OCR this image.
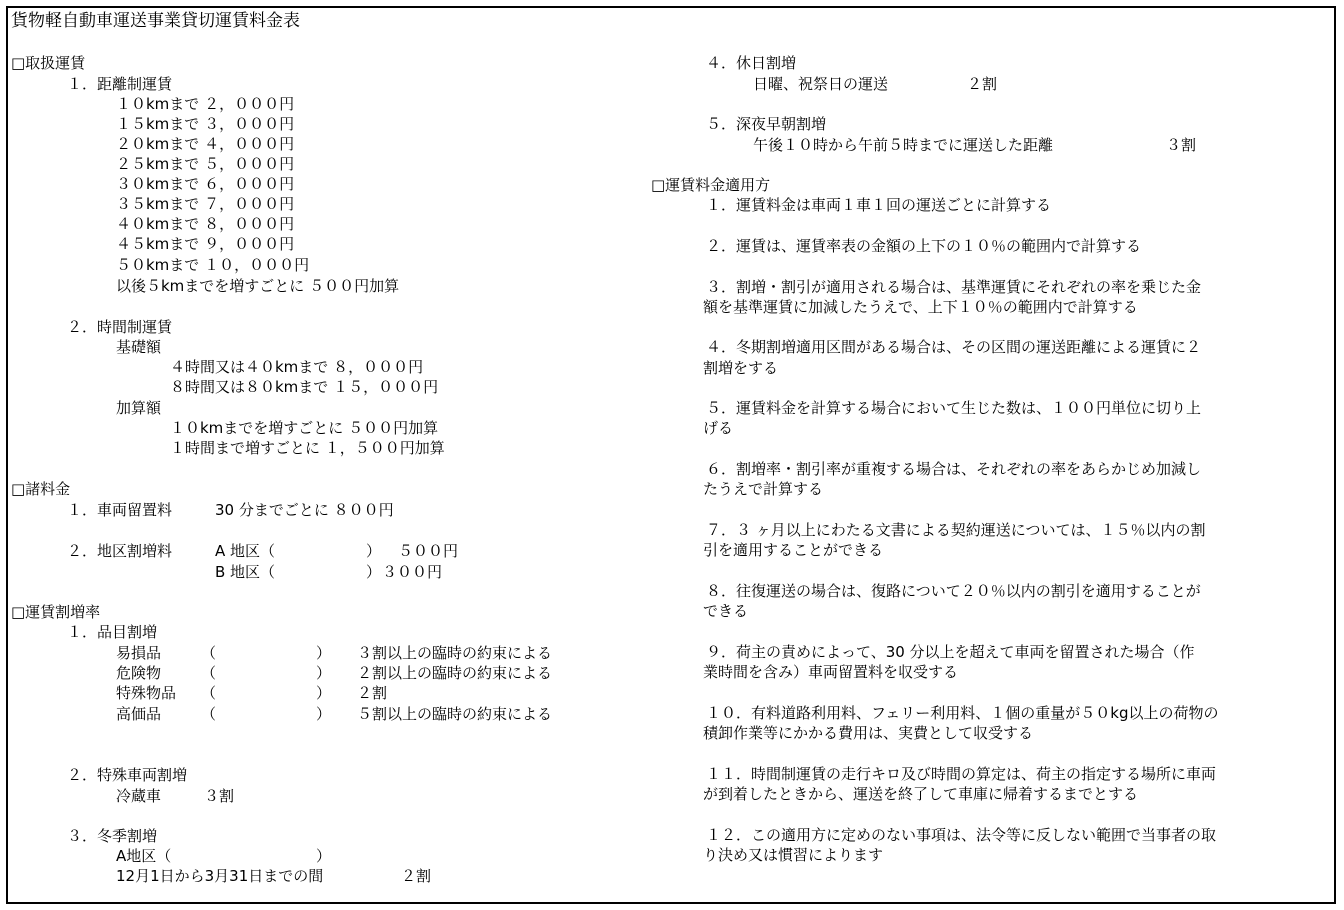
貨物軽自動車運送事業貸切運賃料金表
□取扱運賃
１．距離制運賃
１０kmまで ２，０００円
１５kmまで ３，０００円
２０kmまで ４，０００円
２５kmまで ５，０００円
３０kmまで ６，０００円
３５kmまで ７，０００円
４０kmまで ８，０００円
４５kmまで ９，０００円
５０kmまで １０，０００円
以後５kmまでを増すごとに ５００円加算
２．時間制運賃
基礎額
４時間又は４０kmまで ８，０００円
８時間又は８０kmまで １５，０００円
加算額
１０kmまでを増すごとに ５００円加算
１時間まで増すごとに １，５００円加算
□諸料金
１．車両留置料	30 分までごとに ８００円
２．地区割増料	A 地区（	） ５００円
B 地区（	） ３００円
□運賃割増率
１．品目割増
易損品	（	） ３割以上の臨時の約束による
危険物	（	） ２割以上の臨時の約束による
特殊物品 （	） ２割
高価品	（	） ５割以上の臨時の約束による
２．特殊車両割増
冷蔵車	３割
３．冬季割増
A地区（	）
12月1日から3月31日までの間	２割
４．休日割増
日曜、祝祭日の運送	２割
５．深夜早朝割増
午後１０時から午前５時までに運送した距離	３割
□運賃料金適用方
１．運賃料金は車両１車１回の運送ごとに計算する
２．運賃は、運賃率表の金額の上下の１０％の範囲内で計算する
３．割増・割引が適用される場合は、基準運賃にそれぞれの率を乗じた金
額を基準運賃に加減したうえで、上下１０％の範囲内で計算する
４．冬期割増適用区間がある場合は、その区間の運送距離による運賃に２
割増をする
５．運賃料金を計算する場合において生じた数は、１００円単位に切り上
げる
６．割増率・割引率が重複する場合は、それぞれの率をあらかじめ加減し
たうえで計算する
７．３ ヶ月以上にわたる文書による契約運送については、１５％以内の割
引を適用することができる
８．往復運送の場合は、復路について２０％以内の割引を適用することが
できる
９．荷主の責めによって、30 分以上を超えて車両を留置された場合（作
業時間を含み）車両留置料を収受する
１０．有料道路利用料、フェリー利用料、１個の重量が５０kg以上の荷物の
積卸作業等にかかる費用は、実費として収受する
１１．時間制運賃の走行キロ及び時間の算定は、荷主の指定する場所に車両
が到着したときから、運送を終了して車庫に帰着するまでとする
１２．この適用方に定めのない事項は、法令等に反しない範囲で当事者の取
り決め又は慣習によります
